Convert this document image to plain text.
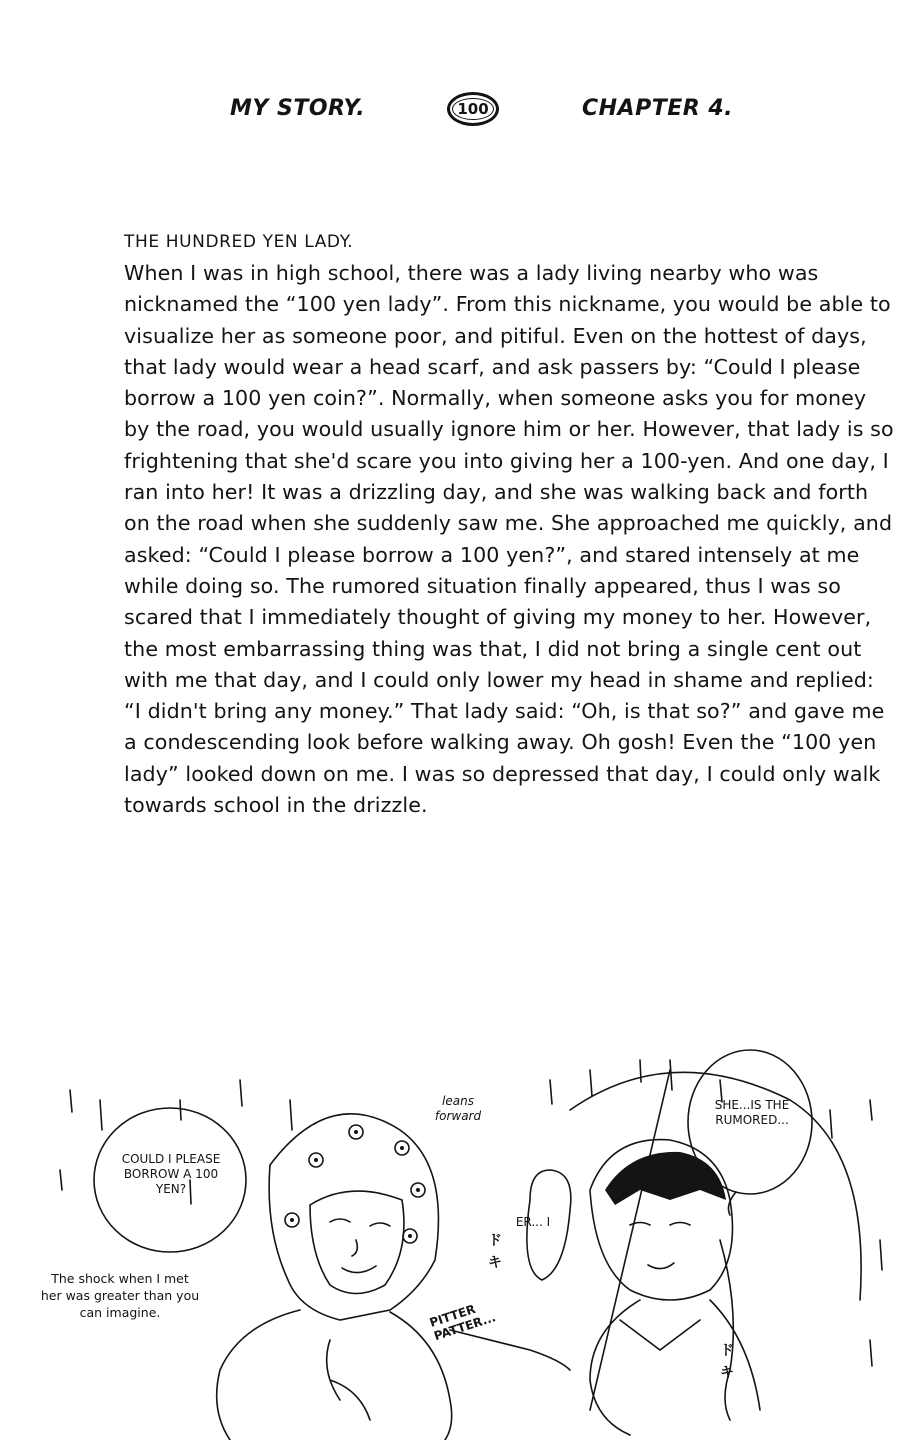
MY STORY.	100	CHAPTER 4.

THE HUNDRED YEN LADY.

When I was in high school, there was a lady living nearby who was nicknamed the “100 yen lady”. From this nickname, you would be able to visualize her as someone poor, and pitiful. Even on the hottest of days, that lady would wear a head scarf, and ask passers by: “Could I please borrow a 100 yen coin?”. Normally, when someone asks you for money by the road, you would usually ignore him or her. However, that lady is so frightening that she'd scare you into giving her a 100-yen. And one day, I ran into her! It was a drizzling day, and she was walking back and forth on the road when she suddenly saw me. She approached me quickly, and asked: “Could I please borrow a 100 yen?”, and stared intensely at me while doing so. The rumored situation finally appeared, thus I was so scared that I immediately thought of giving my money to her. However, the most embarrassing thing was that, I did not bring a single cent out with me that day, and I could only lower my head in shame and replied: “I didn't bring any money.” That lady said: “Oh, is that so?” and gave me a condescending look before walking away. Oh gosh! Even the “100 yen lady” looked down on me. I was so depressed that day, I could only walk towards school in the drizzle.

COULD I PLEASE BORROW A 100 YEN?
ER... I
SHE...IS THE RUMORED...
leans forward
The shock when I met her was greater than you can imagine.	PITTER PATTER...
ドキ
ドキ
